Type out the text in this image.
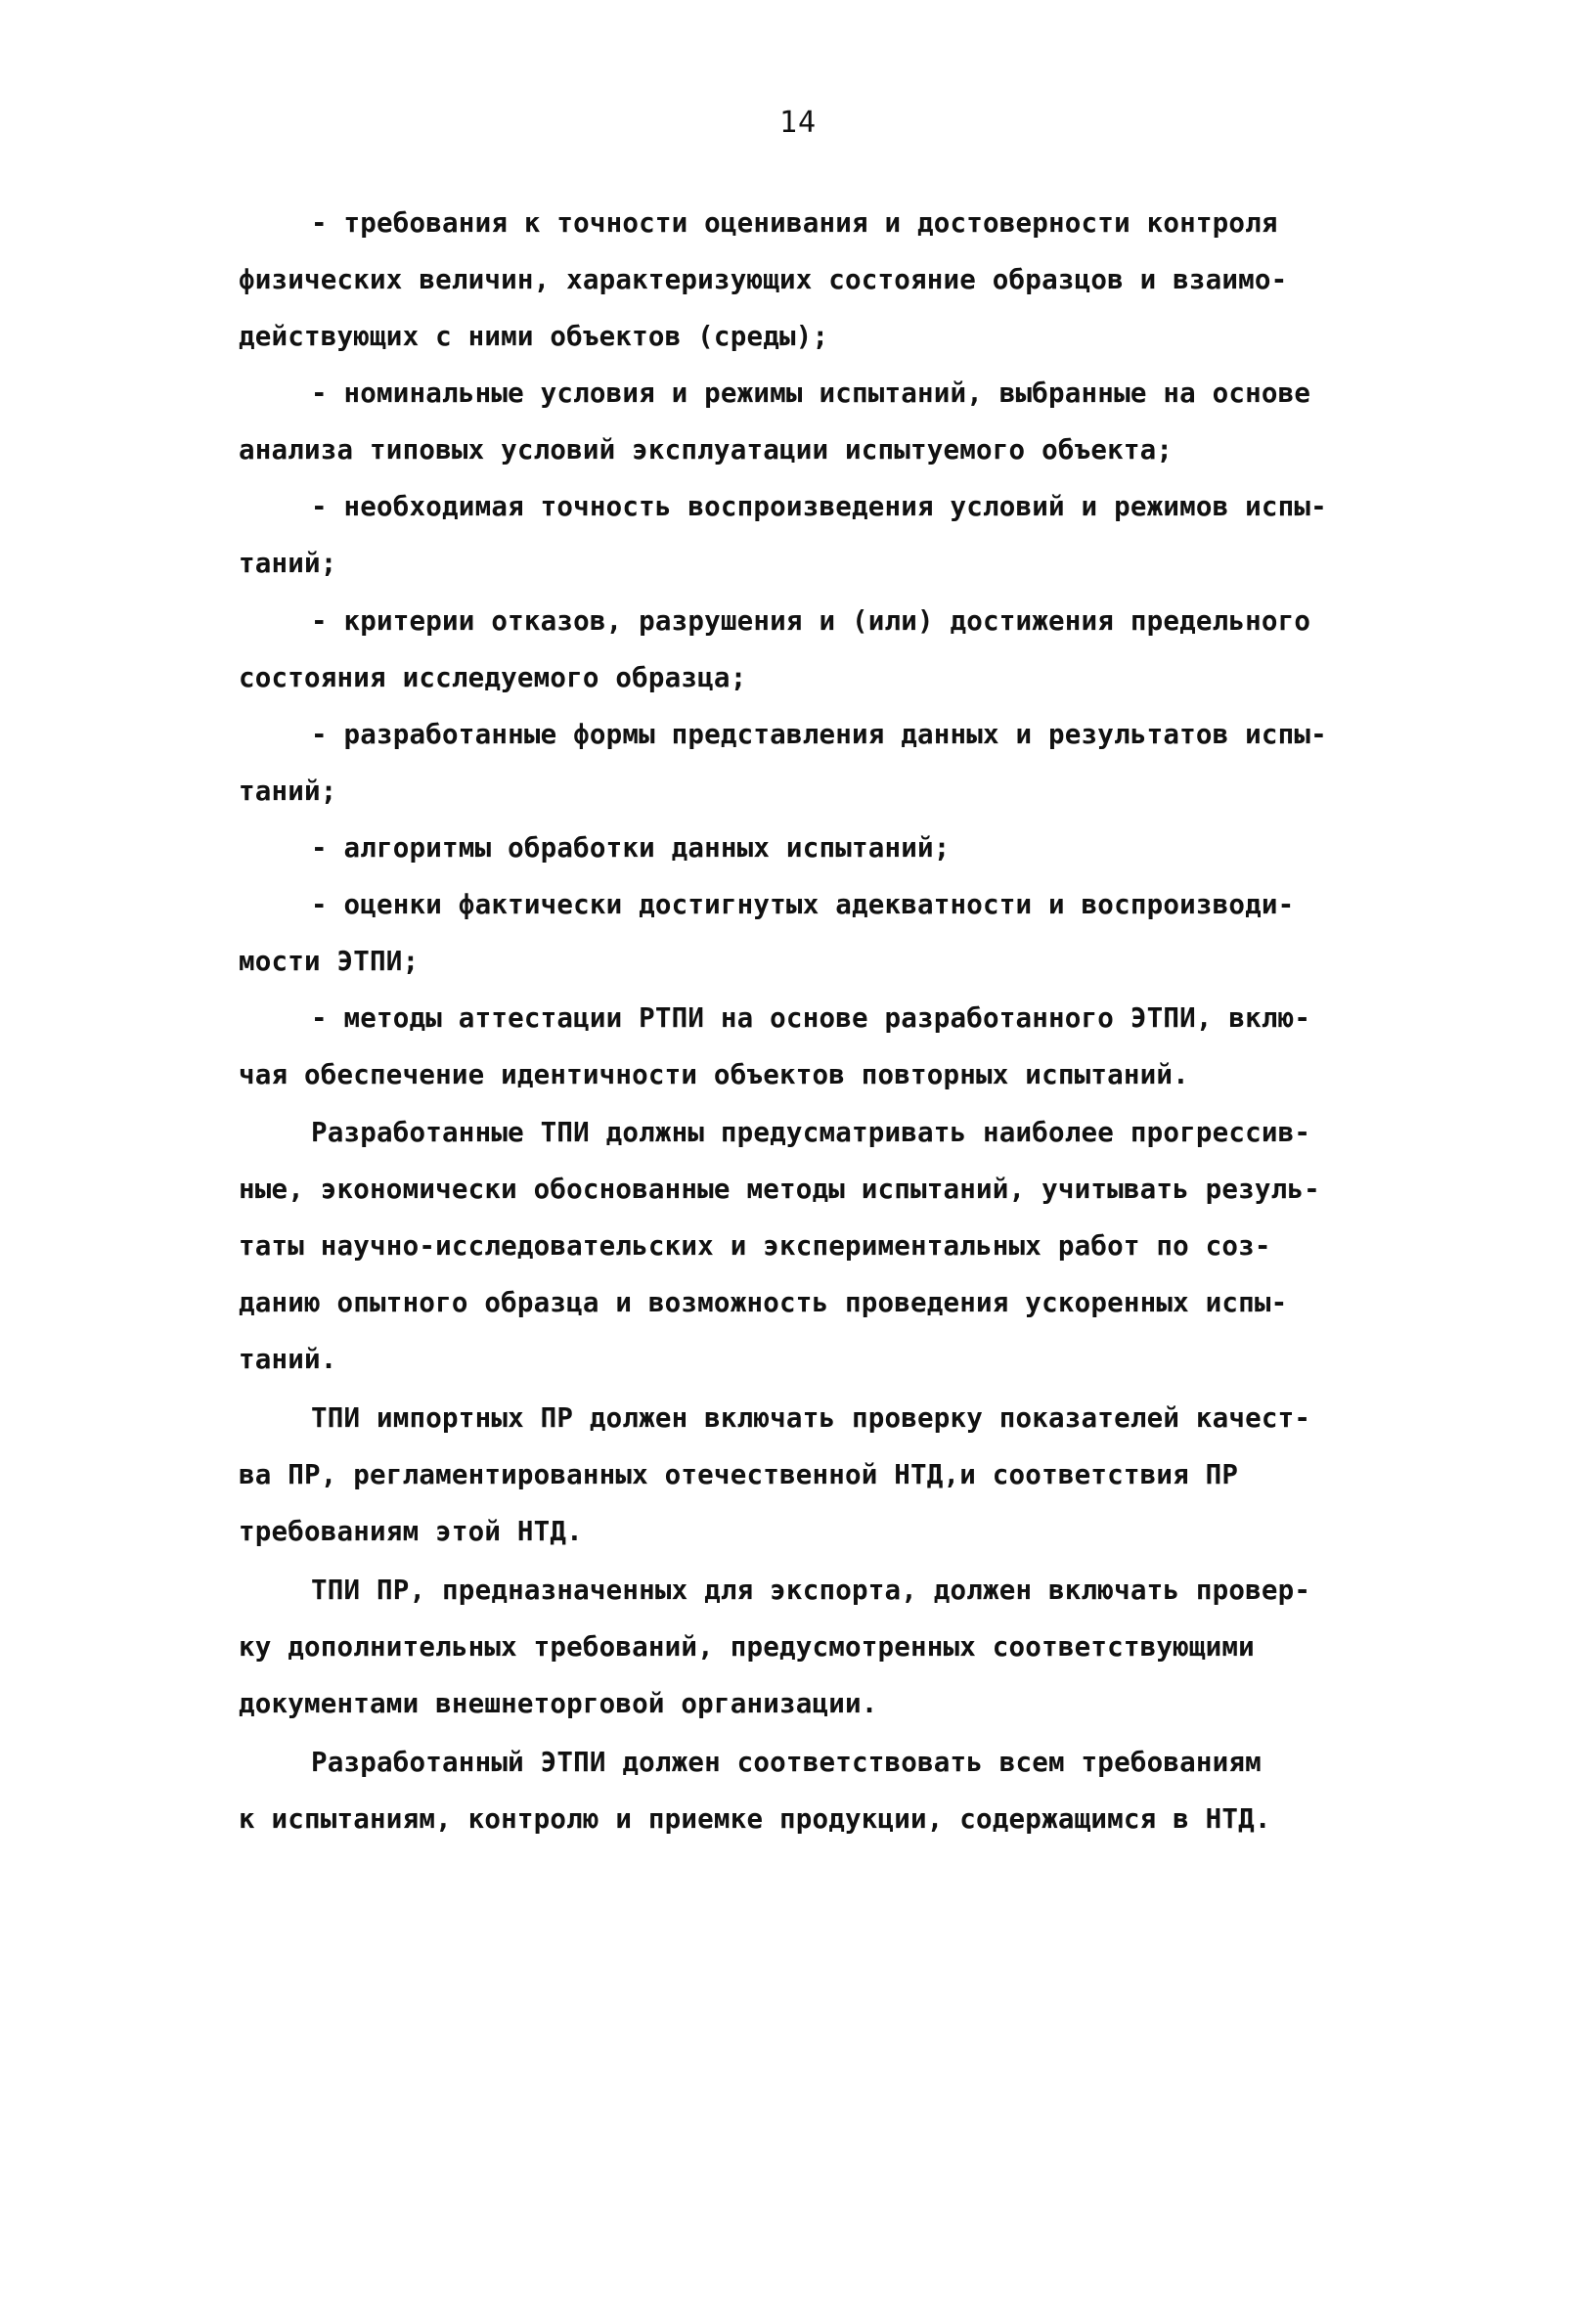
14
- требования к точности оценивания и достоверности контроля
физических величин, характеризующих состояние образцов и взаимо-
действующих с ними объектов (среды);
- номинальные условия и режимы испытаний, выбранные на основе
анализа типовых условий эксплуатации испытуемого объекта;
- необходимая точность воспроизведения условий и режимов испы-
таний;
- критерии отказов, разрушения и (или) достижения предельного
состояния исследуемого образца;
- разработанные формы представления данных и результатов испы-
таний;
- алгоритмы обработки данных испытаний;
- оценки фактически достигнутых адекватности и воспроизводи-
мости ЭТПИ;
- методы аттестации РТПИ на основе разработанного ЭТПИ, вклю-
чая обеспечение идентичности объектов повторных испытаний.
Разработанные ТПИ должны предусматривать наиболее прогрессив-
ные, экономически обоснованные методы испытаний, учитывать резуль-
таты научно-исследовательских и экспериментальных работ по соз-
данию опытного образца и возможность проведения ускоренных испы-
таний.
ТПИ импортных ПР должен включать проверку показателей качест-
ва ПР, регламентированных отечественной НТД,и соответствия ПР
требованиям этой НТД.
ТПИ ПР, предназначенных для экспорта, должен включать провер-
ку дополнительных требований, предусмотренных соответствующими
документами внешнеторговой организации.
Разработанный ЭТПИ должен соответствовать всем требованиям
к испытаниям, контролю и приемке продукции, содержащимся в НТД.
